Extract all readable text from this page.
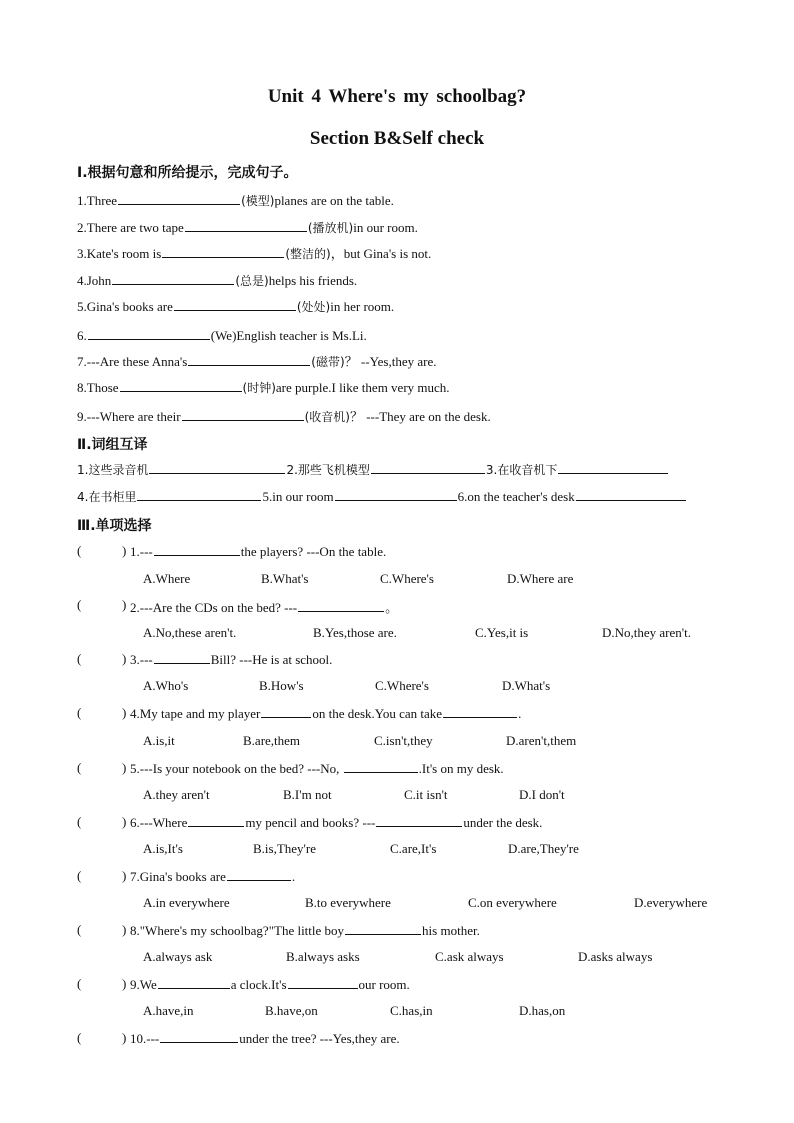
Unit 4 Where's my schoolbag?
Section B&Self check
I.根据句意和所给提示，完成句子。
1.Three	(模型)planes are on the table.
2.There are two tape	(播放机)in our room.
3.Kate's room is	(整洁的)，but Gina's is not.
4.John	(总是)helps his friends.
5.Gina's books are	(处处)in her room.
6.	(We)English teacher is Ms.Li.
7.---Are these Anna's	(磁带)？ --Yes,they are.
8.Those	(时钟)are purple.I like them very much.
9.---Where are their	(收音机)？ ---They are on the desk.
Ⅱ.词组互译
1.这些录音机	2.那些飞机模型	3.在收音机下
4.在书柜里	5.in our room	6.on the teacher's desk
Ⅲ.单项选择
(	) 1.---	the players? ---On the table.
A.Where	B.What's	C.Where's	D.Where are
(	) 2.---Are the CDs on the bed? ---	。
A.No,these aren't.	B.Yes,those are.	C.Yes,it is	D.No,they aren't.
(	) 3.---	Bill? ---He is at school.
A.Who's	B.How's	C.Where's	D.What's
(	) 4.My tape and my player	on the desk.You can take	.
A.is,it	B.are,them	C.isn't,they	D.aren't,them
(	) 5.---Is your notebook on the bed? ---No,	.It's on my desk.
A.they aren't	B.I'm not	C.it isn't	D.I don't
(	) 6.---Where	my pencil and books? ---	under the desk.
A.is,It's	B.is,They're	C.are,It's	D.are,They're
(	) 7.Gina's books are	.
A.in everywhere	B.to everywhere	C.on everywhere	D.everywhere
(	) 8."Where's my schoolbag?"The little boy	his mother.
A.always ask	B.always asks	C.ask always	D.asks always
(	) 9.We	a clock.It's	our room.
A.have,in	B.have,on	C.has,in	D.has,on
(	) 10.---	under the tree? ---Yes,they are.
